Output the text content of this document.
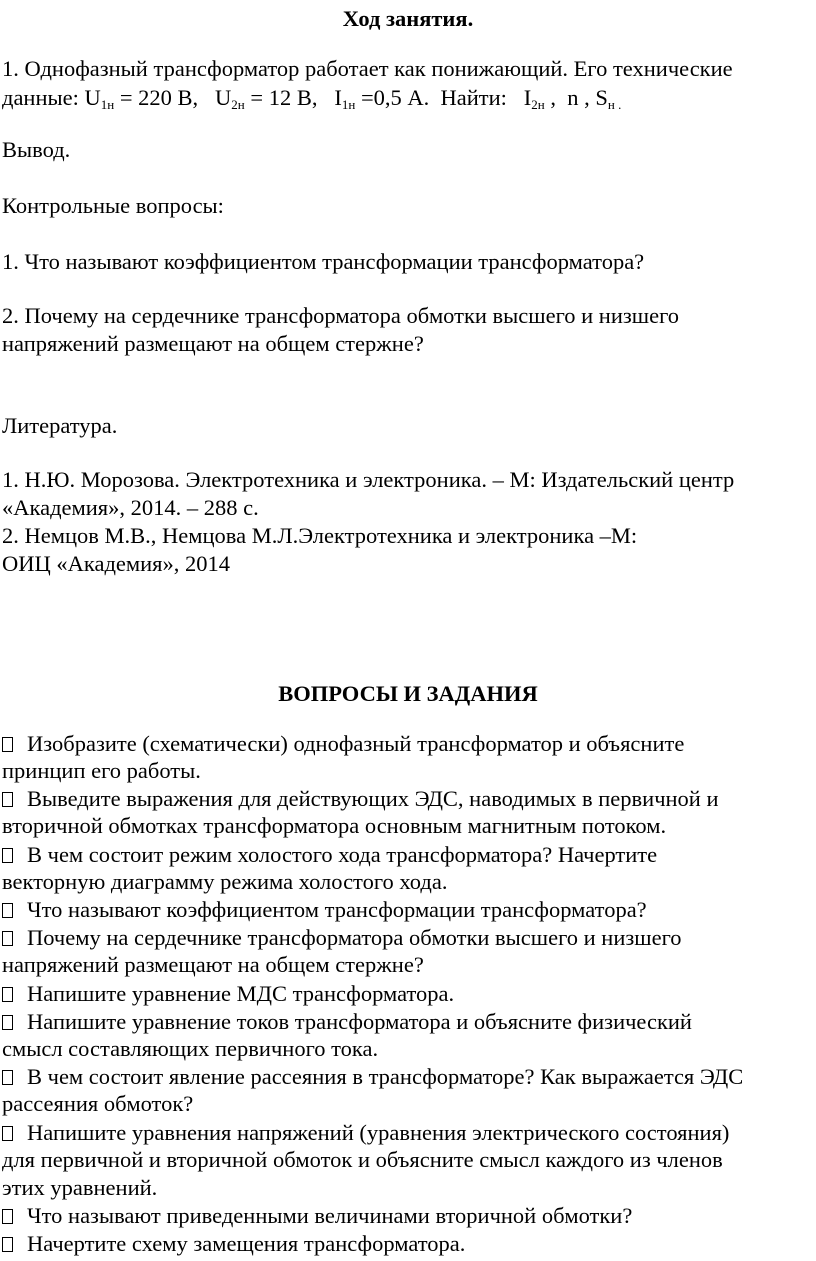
Ход занятия.

1. Однофазный трансформатор работает как понижающий. Его технические

данные: $U_{1н} = 220$ В,   $U_{2н} = 12$ В,   $I_{1н} =0,5$ А.  Найти:   $I_{2н}$ ,  n , $S_{н .}$

Вывод.

Контрольные вопросы:

1. Что называют коэффициентом трансформации трансформатора?

2. Почему на сердечнике трансформатора обмотки высшего и низшего

напряжений размещают на общем стержне?

Литература.

1. Н.Ю. Морозова. Электротехника и электроника. – М: Издательский центр

«Академия», 2014. – 288 с.

2. Немцов М.В., Немцова М.Л.Электротехника и электроника –М:

ОИЦ «Академия», 2014

ВОПРОСЫ И ЗАДАНИЯ

Изобразите (схематически) однофазный трансформатор и объясните

принцип его работы.

Выведите выражения для действующих ЭДС, наводимых в первичной и

вторичной обмотках трансформатора основным магнитным потоком.

В чем состоит режим холостого хода трансформатора? Начертите

векторную диаграмму режима холостого хода.

Что называют коэффициентом трансформации трансформатора?

Почему на сердечнике трансформатора обмотки высшего и низшего

напряжений размещают на общем стержне?

Напишите уравнение МДС трансформатора.

Напишите уравнение токов трансформатора и объясните физический

смысл составляющих первичного тока.

В чем состоит явление рассеяния в трансформаторе? Как выражается ЭДС

рассеяния обмоток?

Напишите уравнения напряжений (уравнения электрического состояния)

для первичной и вторичной обмоток и объясните смысл каждого из членов

этих уравнений.

Что называют приведенными величинами вторичной обмотки?

Начертите схему замещения трансформатора.
